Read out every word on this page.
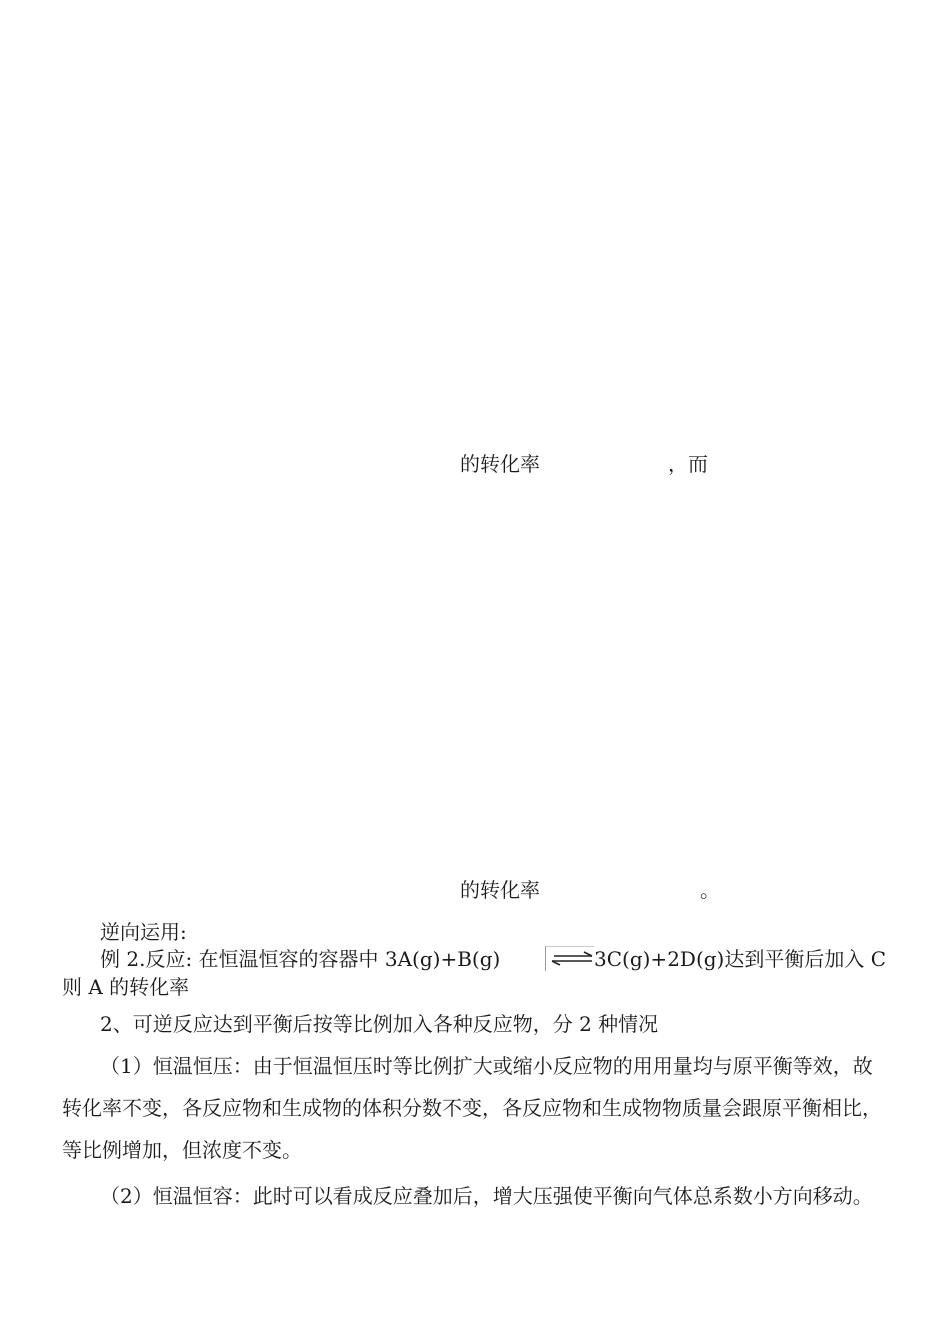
的转化率	，而
的转化率	。
逆向运用:
例 2.反应: 在恒温恒容的容器中 3A(g)+B(g)	3C(g)+2D(g)达到平衡后加入 C
则 A 的转化率
2、可逆反应达到平衡后按等比例加入各种反应物，分 2 种情况
（1）恒温恒压：由于恒温恒压时等比例扩大或缩小反应物的用用量均与原平衡等效，故转化率不变，各反应物和生成物的体积分数不变，各反应物和生成物物质量会跟原平衡相比，等比例增加，但浓度不变。
（2）恒温恒容：此时可以看成反应叠加后，增大压强使平衡向气体总系数小方向移动。
